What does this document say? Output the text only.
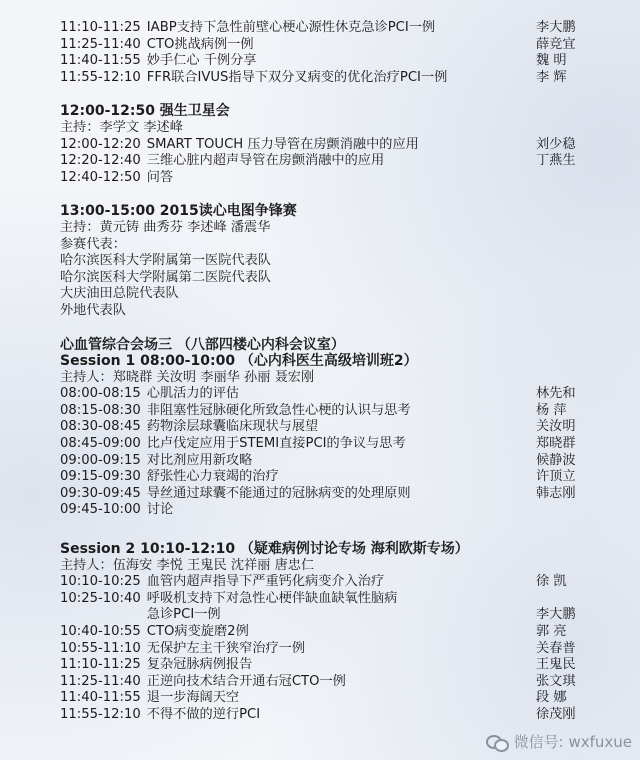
11:10-11:25 IABP支持下急性前壁心梗心源性休克急诊PCI一例	李大鹏
11:25-11:40 CTO挑战病例一例	薛竞宜
11:40-11:55 妙手仁心 千例分享	魏 明
11:55-12:10 FFR联合IVUS指导下双分叉病变的优化治疗PCI一例	李 辉
12:00-12:50 强生卫星会
主持：李学文 李述峰
12:00-12:20 SMART TOUCH 压力导管在房颤消融中的应用	刘少稳
12:20-12:40 三维心脏内超声导管在房颤消融中的应用	丁燕生
12:40-12:50 问答
13:00-15:00 2015读心电图争锋赛
主持：黄元铸 曲秀芬 李述峰 潘震华
参赛代表：
哈尔滨医科大学附属第一医院代表队
哈尔滨医科大学附属第二医院代表队
大庆油田总院代表队
外地代表队
心血管综合会场三 （八部四楼心内科会议室）
Session 1 08:00-10:00 （心内科医生高级培训班2）
主持人：郑晓群 关汝明 李丽华 孙丽 聂宏刚
08:00-08:15 心肌活力的评估	林先和
08:15-08:30 非阻塞性冠脉硬化所致急性心梗的认识与思考	杨 萍
08:30-08:45 药物涂层球囊临床现状与展望	关汝明
08:45-09:00 比卢伐定应用于STEMI直接PCI的争议与思考	郑晓群
09:00-09:15 对比剂应用新攻略	候静波
09:15-09:30 舒张性心力衰竭的治疗	许顶立
09:30-09:45 导丝通过球囊不能通过的冠脉病变的处理原则	韩志刚
09:45-10:00 讨论
Session 2 10:10-12:10 （疑难病例讨论专场 海利欧斯专场）
主持人：伍海安 李悦 王鬼民 沈祥丽 唐忠仁
10:10-10:25 血管内超声指导下严重钙化病变介入治疗	徐 凯
10:25-10:40 呼吸机支持下对急性心梗伴缺血缺氧性脑病
急诊PCI一例	李大鹏
10:40-10:55 CTO病变旋磨2例	郭 亮
10:55-11:10 无保护左主干狭窄治疗一例	关春普
11:10-11:25 复杂冠脉病例报告	王鬼民
11:25-11:40 正逆向技术结合开通右冠CTO一例	张文琪
11:40-11:55 退一步海阔天空	段 娜
11:55-12:10 不得不做的逆行PCI	徐茂刚
微信号: wxfuxue
